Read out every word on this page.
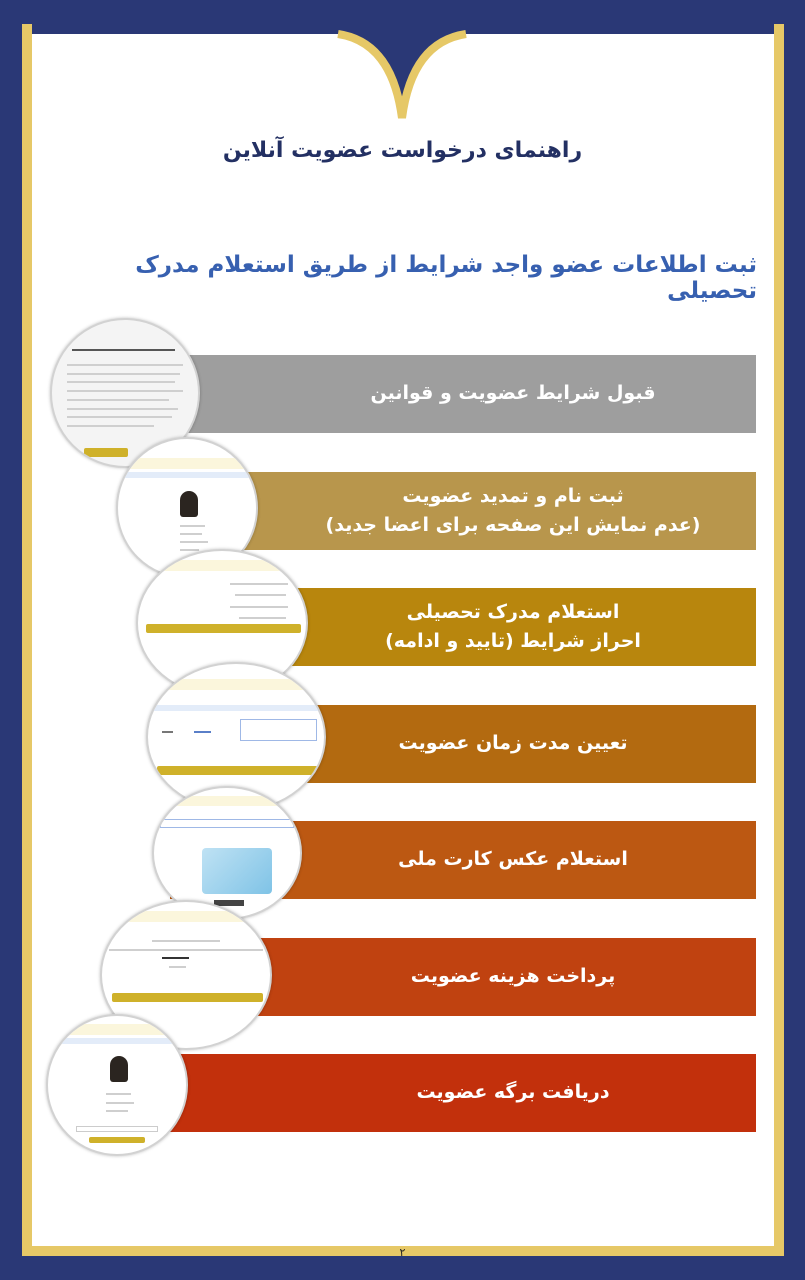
راهنمای درخواست عضویت آنلاین
ثبت اطلاعات عضو واجد شرایط از طریق استعلام مدرک تحصیلی
قبول شرایط عضویت و قوانین
ثبت نام و تمدید عضویت
(عدم نمایش این صفحه برای اعضا جدید)
استعلام مدرک تحصیلی
احراز شرایط (تایید و ادامه)
تعیین مدت زمان عضویت
استعلام عکس کارت ملی
پرداخت هزینه عضویت
دریافت برگه عضویت
۲
